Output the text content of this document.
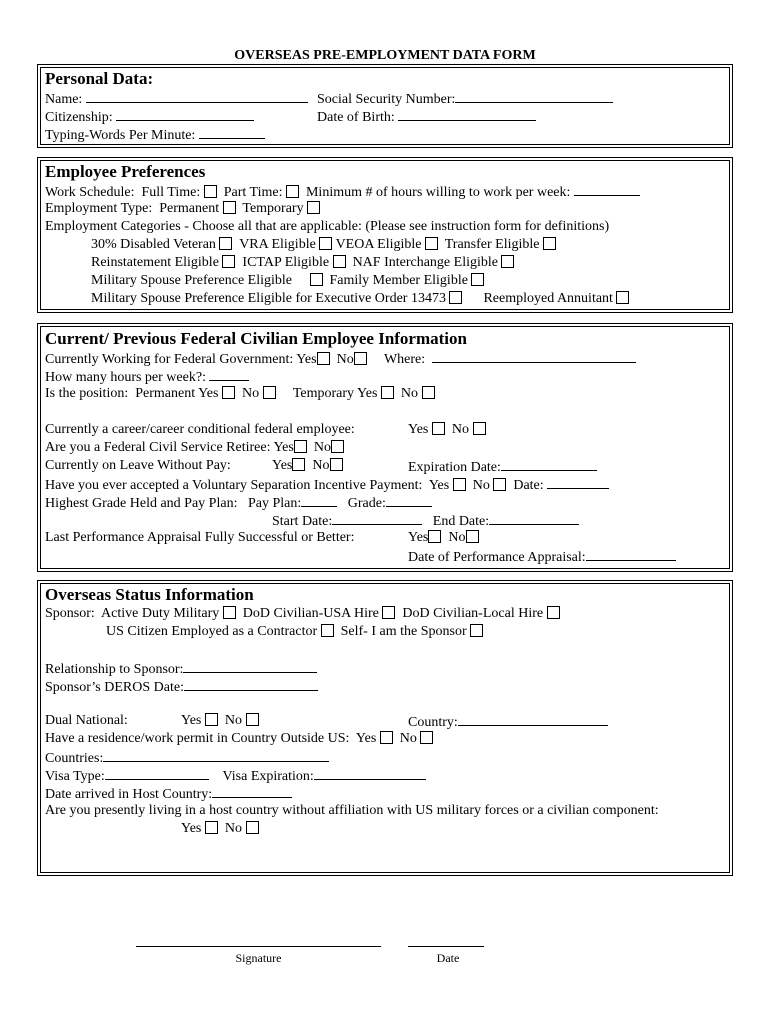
OVERSEAS PRE-EMPLOYMENT DATA FORM
Personal Data:
Name:	Social Security Number:
Citizenship:	Date of Birth:
Typing-Words Per Minute:
Employee Preferences
Work Schedule: Full Time: Part Time: Minimum # of hours willing to work per week:
Employment Type: Permanent Temporary
Employment Categories - Choose all that are applicable: (Please see instruction form for definitions)
30% Disabled Veteran VRA Eligible VEOA Eligible Transfer Eligible
Reinstatement Eligible ICTAP Eligible NAF Interchange Eligible
Military Spouse Preference Eligible	Family Member Eligible
Military Spouse Preference Eligible for Executive Order 13473	Reemployed Annuitant
Current/ Previous Federal Civilian Employee Information
Currently Working for Federal Government: Yes No Where:
How many hours per week?:
Is the position: Permanent Yes No Temporary Yes No
Currently a career/career conditional federal employee:	Yes No
Are you a Federal Civil Service Retiree: Yes No
Currently on Leave Without Pay:	Yes No	Expiration Date:
Have you ever accepted a Voluntary Separation Incentive Payment: Yes No Date:
Highest Grade Held and Pay Plan: Pay Plan:	Grade:
Start Date:	End Date:
Last Performance Appraisal Fully Successful or Better:	Yes No
Date of Performance Appraisal:
Overseas Status Information
Sponsor: Active Duty Military DoD Civilian-USA Hire DoD Civilian-Local Hire
US Citizen Employed as a Contractor Self- I am the Sponsor
Relationship to Sponsor:
Sponsor’s DEROS Date:
Dual National:	Yes No	Country:
Have a residence/work permit in Country Outside US: Yes No
Countries:
Visa Type:	Visa Expiration:
Date arrived in Host Country:
Are you presently living in a host country without affiliation with US military forces or a civilian component:
Yes No
Signature	Date
